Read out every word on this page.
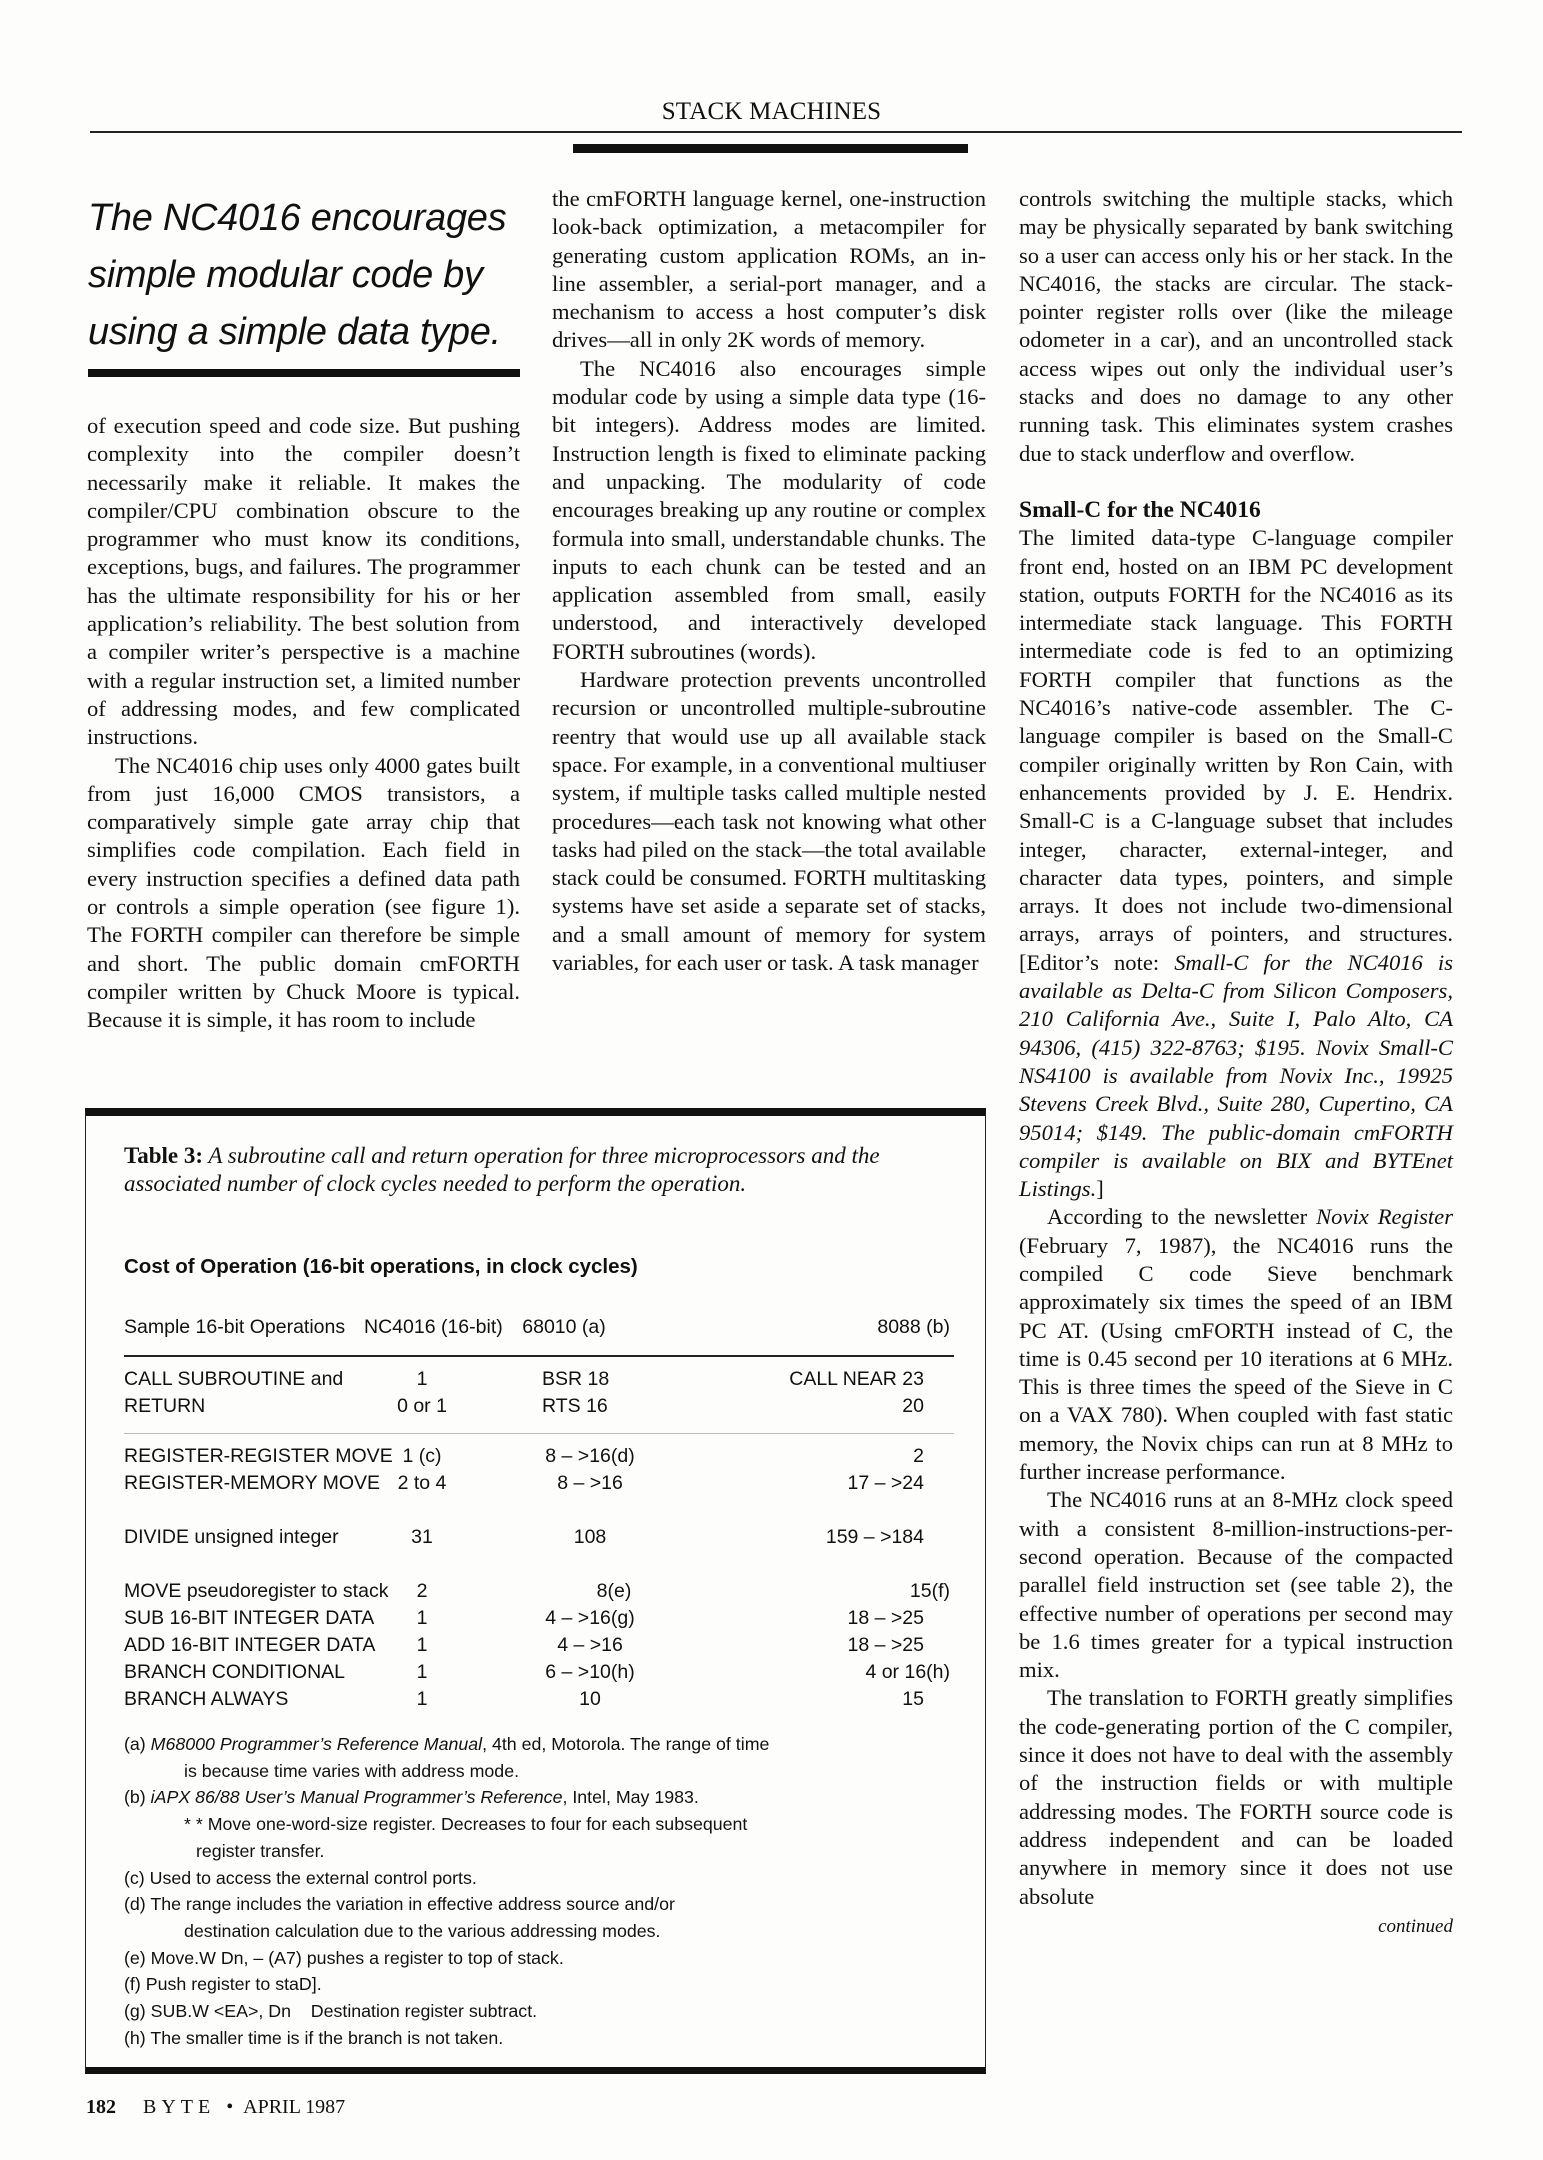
STACK MACHINES
The NC4016 encourages
simple modular code by
using a simple data type.

of execution speed and code size. But pushing complexity into the compiler doesn’t necessarily make it reliable. It makes the compiler/CPU combination obscure to the programmer who must know its conditions, exceptions, bugs, and failures. The programmer has the ultimate responsibility for his or her application’s reliability. The best solution from a compiler writer’s perspective is a machine with a regular instruction set, a limited number of addressing modes, and few complicated instructions.

The NC4016 chip uses only 4000 gates built from just 16,000 CMOS transistors, a comparatively simple gate array chip that simplifies code compilation. Each field in every instruction specifies a defined data path or controls a simple operation (see figure 1). The FORTH compiler can therefore be simple and short. The public domain cmFORTH compiler written by Chuck Moore is typical. Because it is simple, it has room to include

the cmFORTH language kernel, one-instruction look-back optimization, a metacompiler for generating custom application ROMs, an in-line assembler, a serial-port manager, and a mechanism to access a host computer’s disk drives—all in only 2K words of memory.

The NC4016 also encourages simple modular code by using a simple data type (16-bit integers). Address modes are limited. Instruction length is fixed to eliminate packing and unpacking. The modularity of code encourages breaking up any routine or complex formula into small, understandable chunks. The inputs to each chunk can be tested and an application assembled from small, easily understood, and interactively developed FORTH subroutines (words).

Hardware protection prevents uncontrolled recursion or uncontrolled multiple-subroutine reentry that would use up all available stack space. For example, in a conventional multiuser system, if multiple tasks called multiple nested procedures—each task not knowing what other tasks had piled on the stack—the total available stack could be consumed. FORTH multitasking systems have set aside a separate set of stacks, and a small amount of memory for system variables, for each user or task. A task manager

controls switching the multiple stacks, which may be physically separated by bank switching so a user can access only his or her stack. In the NC4016, the stacks are circular. The stack-pointer register rolls over (like the mileage odometer in a car), and an uncontrolled stack access wipes out only the individual user’s stacks and does no damage to any other running task. This eliminates system crashes due to stack underflow and overflow.

Small-C for the NC4016

The limited data-type C-language compiler front end, hosted on an IBM PC development station, outputs FORTH for the NC4016 as its intermediate stack language. This FORTH intermediate code is fed to an optimizing FORTH compiler that functions as the NC4016’s native-code assembler. The C-language compiler is based on the Small-C compiler originally written by Ron Cain, with enhancements provided by J. E. Hendrix. Small-C is a C-language subset that includes integer, character, external-integer, and character data types, pointers, and simple arrays. It does not include two-dimensional arrays, arrays of pointers, and structures. [Editor’s note: Small-C for the NC4016 is available as Delta-C from Silicon Composers, 210 California Ave., Suite I, Palo Alto, CA 94306, (415) 322-8763; $195. Novix Small-C NS4100 is available from Novix Inc., 19925 Stevens Creek Blvd., Suite 280, Cupertino, CA 95014; $149. The public-domain cmFORTH compiler is available on BIX and BYTEnet Listings.]

According to the newsletter Novix Register (February 7, 1987), the NC4016 runs the compiled C code Sieve benchmark approximately six times the speed of an IBM PC AT. (Using cmFORTH instead of C, the time is 0.45 second per 10 iterations at 6 MHz. This is three times the speed of the Sieve in C on a VAX 780). When coupled with fast static memory, the Novix chips can run at 8 MHz to further increase performance.

The NC4016 runs at an 8-MHz clock speed with a consistent 8-million-instructions-per-second operation. Because of the compacted parallel field instruction set (see table 2), the effective number of operations per second may be 1.6 times greater for a typical instruction mix.

The translation to FORTH greatly simplifies the code-generating portion of the C compiler, since it does not have to deal with the assembly of the instruction fields or with multiple addressing modes. The FORTH source code is address independent and can be loaded anywhere in memory since it does not use absolute

continued

Table 3: A subroutine call and return operation for three microprocessors and the associated number of clock cycles needed to perform the operation.
Cost of Operation (16-bit operations, in clock cycles)
Sample 16-bit Operations NC4016 (16-bit)	68010 (a)	8088 (b)
CALL SUBROUTINE and	1	BSR 18	CALL NEAR 23
RETURN	0 or 1	RTS 16	20
REGISTER-REGISTER MOVE 1 (c)	8 – >16(d)	2
REGISTER-MEMORY MOVE 2 to 4	8 – >16	17 – >24
DIVIDE unsigned integer	31	108	159 – >184
MOVE pseudoregister to stack	2	8(e)	15(f)
SUB 16-BIT INTEGER DATA	1	4 – >16(g)	18 – >25
ADD 16-BIT INTEGER DATA	1	4 – >16	18 – >25
BRANCH CONDITIONAL	1	6 – >10(h)	4 or 16(h)
BRANCH ALWAYS	1	10	15
(a) M68000 Programmer’s Reference Manual, 4th ed, Motorola. The range of time
is because time varies with address mode.
(b) iAPX 86/88 User’s Manual Programmer’s Reference, Intel, May 1983.
* * Move one-word-size register. Decreases to four for each subsequent
register transfer.
(c) Used to access the external control ports.
(d) The range includes the variation in effective address source and/or
destination calculation due to the various addressing modes.
(e) Move.W Dn, – (A7) pushes a register to top of stack.
(f) Push register to staD].
(g) SUB.W <EA>, Dn    Destination register subtract.
(h) The smaller time is if the branch is not taken.
182 BYTE • APRIL 1987
